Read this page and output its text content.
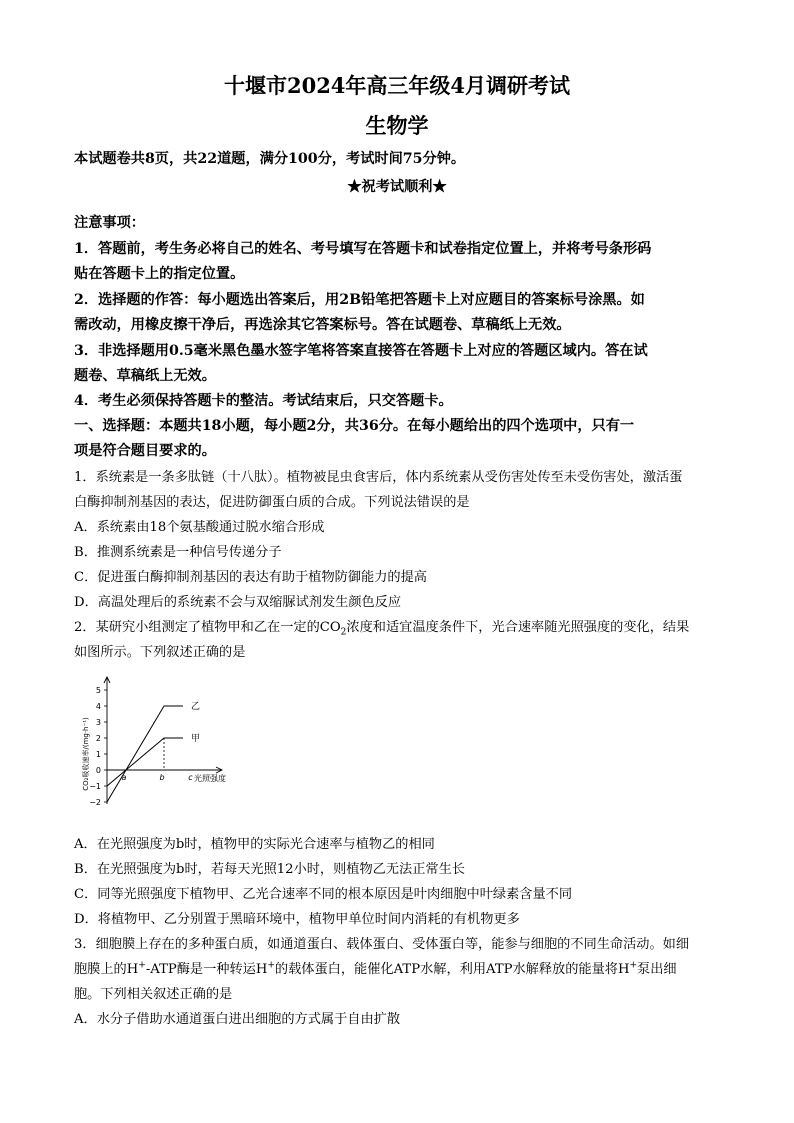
十堰市2024年高三年级4月调研考试
生物学
本试题卷共8页，共22道题，满分100分，考试时间75分钟。
★祝考试顺利★
注意事项：
1．答题前，考生务必将自己的姓名、考号填写在答题卡和试卷指定位置上，并将考号条形码
贴在答题卡上的指定位置。
2．选择题的作答：每小题选出答案后，用2B铅笔把答题卡上对应题目的答案标号涂黑。如
需改动，用橡皮擦干净后，再选涂其它答案标号。答在试题卷、草稿纸上无效。
3．非选择题用0.5毫米黑色墨水签字笔将答案直接答在答题卡上对应的答题区域内。答在试
题卷、草稿纸上无效。
4．考生必须保持答题卡的整洁。考试结束后，只交答题卡。
一、选择题：本题共18小题，每小题2分，共36分。在每小题给出的四个选项中，只有一
项是符合题目要求的。
1．系统素是一条多肽链（十八肽）。植物被昆虫食害后，体内系统素从受伤害处传至未受伤害处，激活蛋
白酶抑制剂基因的表达，促进防御蛋白质的合成。下列说法错误的是
A．系统素由18个氨基酸通过脱水缩合形成
B．推测系统素是一种信号传递分子
C．促进蛋白酶抑制剂基因的表达有助于植物防御能力的提高
D．高温处理后的系统素不会与双缩脲试剂发生颜色反应
2．某研究小组测定了植物甲和乙在一定的$CO_2$浓度和适宜温度条件下，光合速率随光照强度的变化，结果
如图所示。下列叙述正确的是
−2
−1
0
1
2
3
4
5
a	b	c 光照强度
CO₂吸收速率/(mg·h⁻¹)	甲
乙
A．在光照强度为b时，植物甲的实际光合速率与植物乙的相同
B．在光照强度为b时，若每天光照12小时，则植物乙无法正常生长
C．同等光照强度下植物甲、乙光合速率不同的根本原因是叶肉细胞中叶绿素含量不同
D．将植物甲、乙分别置于黑暗环境中，植物甲单位时间内消耗的有机物更多
3．细胞膜上存在的多种蛋白质，如通道蛋白、载体蛋白、受体蛋白等，能参与细胞的不同生命活动。如细
胞膜上的H+-ATP酶是一种转运H+的载体蛋白，能催化ATP水解，利用ATP水解释放的能量将H+泵出细
胞。下列相关叙述正确的是
A．水分子借助水通道蛋白进出细胞的方式属于自由扩散
